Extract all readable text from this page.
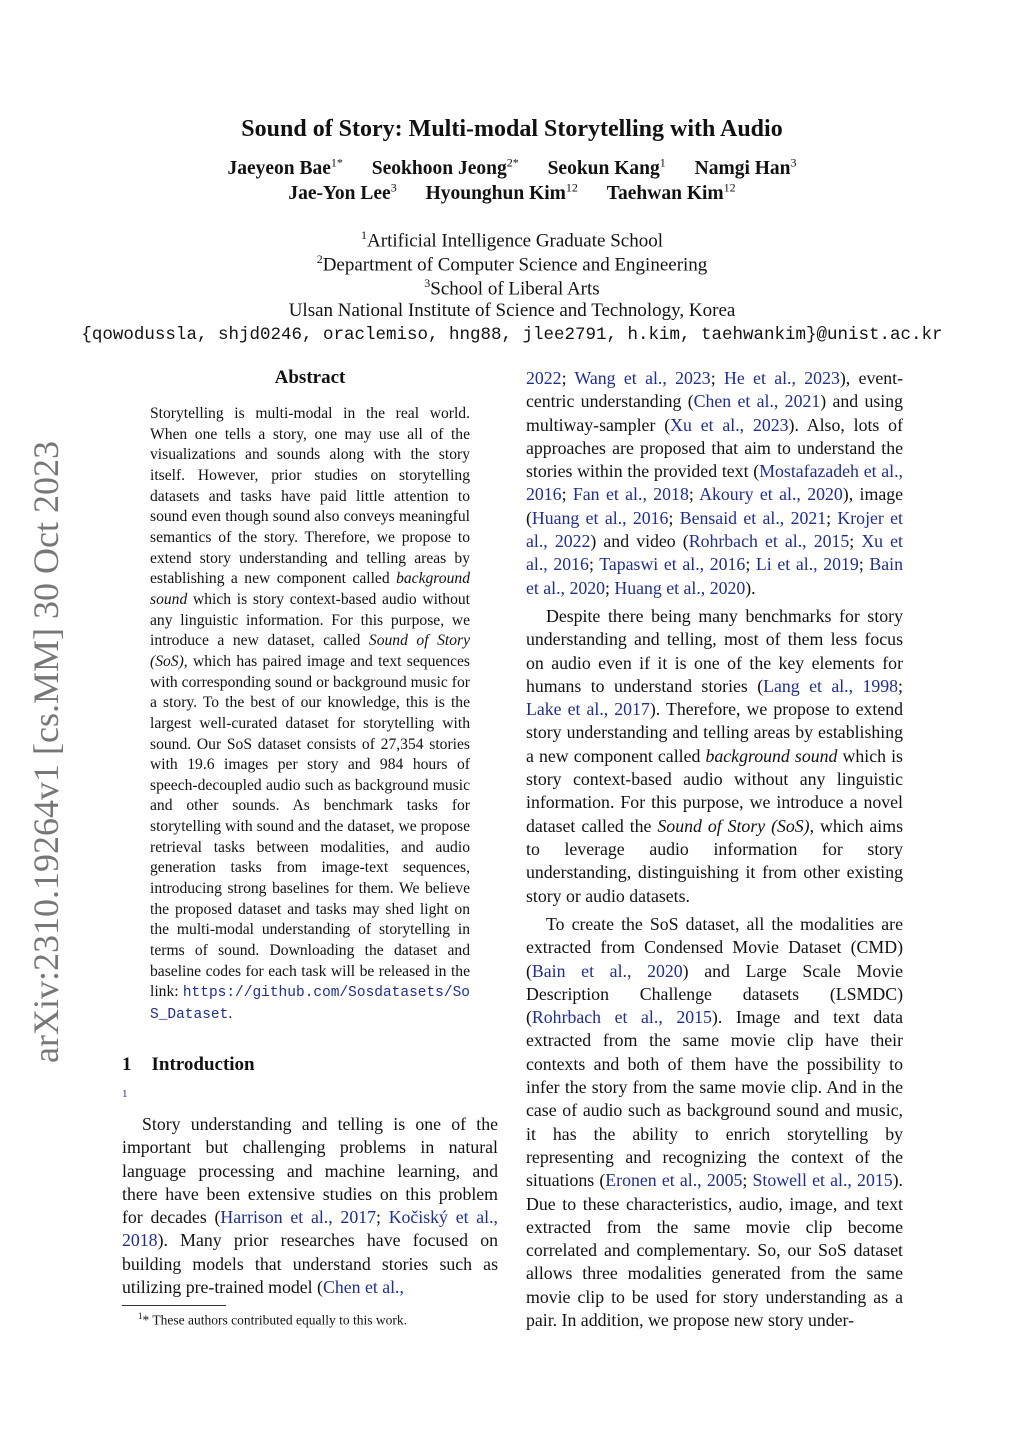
Sound of Story: Multi-modal Storytelling with Audio
Jaeyeon Bae$^{1*}$ Seokhoon Jeong$^{2*}$ Seokun Kang$^1$ Namgi Han$^3$
Jae-Yon Lee$^3$ Hyounghun Kim$^{12}$ Taehwan Kim$^{12}$
$^1$Artificial Intelligence Graduate School
$^2$Department of Computer Science and Engineering
$^3$School of Liberal Arts
Ulsan National Institute of Science and Technology, Korea
{qowodussla, shjd0246, oraclemiso, hng88, jlee2791, h.kim, taehwankim}@unist.ac.kr
arXiv:2310.19264v1 [cs.MM] 30 Oct 2023
Abstract
Storytelling is multi-modal in the real world. When one tells a story, one may use all of the visualizations and sounds along with the story itself. However, prior studies on storytelling datasets and tasks have paid little attention to sound even though sound also conveys meaningful semantics of the story. Therefore, we propose to extend story understanding and telling areas by establishing a new component called background sound which is story context-based audio without any linguistic information. For this purpose, we introduce a new dataset, called Sound of Story (SoS), which has paired image and text sequences with corresponding sound or background music for a story. To the best of our knowledge, this is the largest well-curated dataset for storytelling with sound. Our SoS dataset consists of 27,354 stories with 19.6 images per story and 984 hours of speech-decoupled audio such as background music and other sounds. As benchmark tasks for storytelling with sound and the dataset, we propose retrieval tasks between modalities, and audio generation tasks from image-text sequences, introducing strong baselines for them. We believe the proposed dataset and tasks may shed light on the multi-modal understanding of storytelling in terms of sound. Downloading the dataset and baseline codes for each task will be released in the link: https://github.com/Sosdatasets/SoS_Dataset.
1 Introduction
1
Story understanding and telling is one of the important but challenging problems in natural language processing and machine learning, and there have been extensive studies on this problem for decades (Harrison et al., 2017; Kočiský et al., 2018). Many prior researches have focused on building models that understand stories such as utilizing pre-trained model (Chen et al.,
$^1$* These authors contributed equally to this work.
2022; Wang et al., 2023; He et al., 2023), event-centric understanding (Chen et al., 2021) and using multiway-sampler (Xu et al., 2023). Also, lots of approaches are proposed that aim to understand the stories within the provided text (Mostafazadeh et al., 2016; Fan et al., 2018; Akoury et al., 2020), image (Huang et al., 2016; Bensaid et al., 2021; Krojer et al., 2022) and video (Rohrbach et al., 2015; Xu et al., 2016; Tapaswi et al., 2016; Li et al., 2019; Bain et al., 2020; Huang et al., 2020).
Despite there being many benchmarks for story understanding and telling, most of them less focus on audio even if it is one of the key elements for humans to understand stories (Lang et al., 1998; Lake et al., 2017). Therefore, we propose to extend story understanding and telling areas by establishing a new component called background sound which is story context-based audio without any linguistic information. For this purpose, we introduce a novel dataset called the Sound of Story (SoS), which aims to leverage audio information for story understanding, distinguishing it from other existing story or audio datasets.
To create the SoS dataset, all the modalities are extracted from Condensed Movie Dataset (CMD) (Bain et al., 2020) and Large Scale Movie Description Challenge datasets (LSMDC) (Rohrbach et al., 2015). Image and text data extracted from the same movie clip have their contexts and both of them have the possibility to infer the story from the same movie clip. And in the case of audio such as background sound and music, it has the ability to enrich storytelling by representing and recognizing the context of the situations (Eronen et al., 2005; Stowell et al., 2015). Due to these characteristics, audio, image, and text extracted from the same movie clip become correlated and complementary. So, our SoS dataset allows three modalities generated from the same movie clip to be used for story understanding as a pair. In addition, we propose new story under-
